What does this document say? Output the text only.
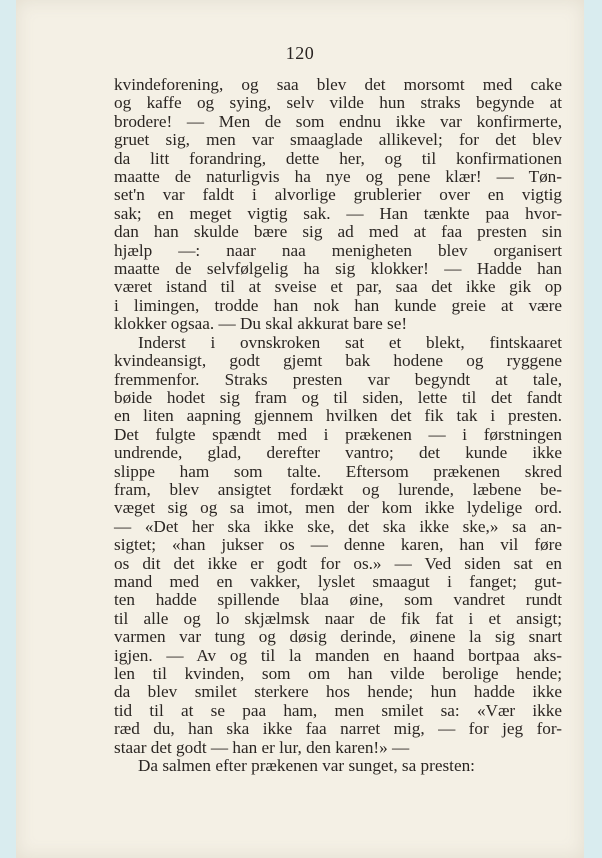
120

kvindeforening, og saa blev det morsomt med cake
og kaffe og sying, selv vilde hun straks begynde at
brodere! — Men de som endnu ikke var konfirmerte,
gruet sig, men var smaaglade allikevel; for det blev
da litt forandring, dette her, og til konfirmationen
maatte de naturligvis ha nye og pene klær! — Tøn-
set'n var faldt i alvorlige grublerier over en vigtig
sak; en meget vigtig sak. — Han tænkte paa hvor-
dan han skulde bære sig ad med at faa presten sin
hjælp —: naar naa menigheten blev organisert
maatte de selvfølgelig ha sig klokker! — Hadde han
været istand til at sveise et par, saa det ikke gik op
i limingen, trodde han nok han kunde greie at være
klokker ogsaa. — Du skal akkurat bare se!

Inderst i ovnskroken sat et blekt, fintskaaret
kvindeansigt, godt gjemt bak hodene og ryggene
fremmenfor. Straks presten var begyndt at tale,
bøide hodet sig fram og til siden, lette til det fandt
en liten aapning gjennem hvilken det fik tak i presten.
Det fulgte spændt med i prækenen — i førstningen
undrende, glad, derefter vantro; det kunde ikke
slippe ham som talte. Eftersom prækenen skred
fram, blev ansigtet fordækt og lurende, læbene be-
væget sig og sa imot, men der kom ikke lydelige ord.
— «Det her ska ikke ske, det ska ikke ske,» sa an-
sigtet; «han jukser os — denne karen, han vil føre
os dit det ikke er godt for os.» — Ved siden sat en
mand med en vakker, lyslet smaagut i fanget; gut-
ten hadde spillende blaa øine, som vandret rundt
til alle og lo skjælmsk naar de fik fat i et ansigt;
varmen var tung og døsig derinde, øinene la sig snart
igjen. — Av og til la manden en haand bortpaa aks-
len til kvinden, som om han vilde berolige hende;
da blev smilet sterkere hos hende; hun hadde ikke
tid til at se paa ham, men smilet sa: «Vær ikke
ræd du, han ska ikke faa narret mig, — for jeg for-
staar det godt — han er lur, den karen!» —

Da salmen efter prækenen var sunget, sa presten:
